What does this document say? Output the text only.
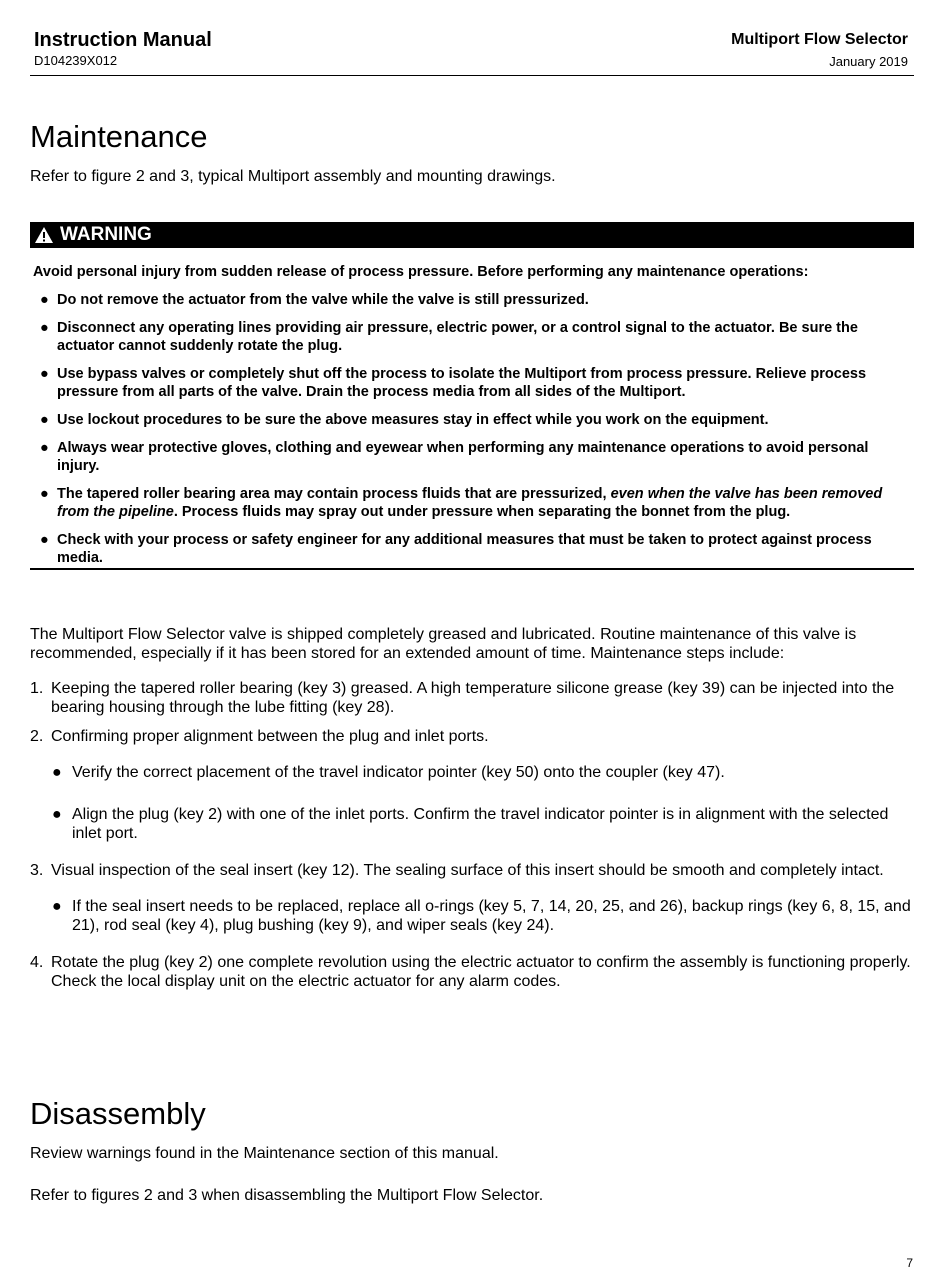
Instruction Manual
D104239X012
Multiport Flow Selector
January 2019
Maintenance
Refer to figure 2 and 3, typical Multiport assembly and mounting drawings.
WARNING

Avoid personal injury from sudden release of process pressure. Before performing any maintenance operations:

● Do not remove the actuator from the valve while the valve is still pressurized.
● Disconnect any operating lines providing air pressure, electric power, or a control signal to the actuator. Be sure the actuator cannot suddenly rotate the plug.
● Use bypass valves or completely shut off the process to isolate the Multiport from process pressure. Relieve process pressure from all parts of the valve. Drain the process media from all sides of the Multiport.
● Use lockout procedures to be sure the above measures stay in effect while you work on the equipment.
● Always wear protective gloves, clothing and eyewear when performing any maintenance operations to avoid personal injury.
● The tapered roller bearing area may contain process fluids that are pressurized, even when the valve has been removed from the pipeline. Process fluids may spray out under pressure when separating the bonnet from the plug.
● Check with your process or safety engineer for any additional measures that must be taken to protect against process media.
The Multiport Flow Selector valve is shipped completely greased and lubricated. Routine maintenance of this valve is recommended, especially if it has been stored for an extended amount of time. Maintenance steps include:
1. Keeping the tapered roller bearing (key 3) greased. A high temperature silicone grease (key 39) can be injected into the bearing housing through the lube fitting (key 28).
2. Confirming proper alignment between the plug and inlet ports.
● Verify the correct placement of the travel indicator pointer (key 50) onto the coupler (key 47).
● Align the plug (key 2) with one of the inlet ports. Confirm the travel indicator pointer is in alignment with the selected inlet port.
3. Visual inspection of the seal insert (key 12). The sealing surface of this insert should be smooth and completely intact.
● If the seal insert needs to be replaced, replace all o-rings (key 5, 7, 14, 20, 25, and 26), backup rings (key 6, 8, 15, and 21), rod seal (key 4), plug bushing (key 9), and wiper seals (key 24).
4. Rotate the plug (key 2) one complete revolution using the electric actuator to confirm the assembly is functioning properly. Check the local display unit on the electric actuator for any alarm codes.
Disassembly
Review warnings found in the Maintenance section of this manual.
Refer to figures 2 and 3 when disassembling the Multiport Flow Selector.
7
